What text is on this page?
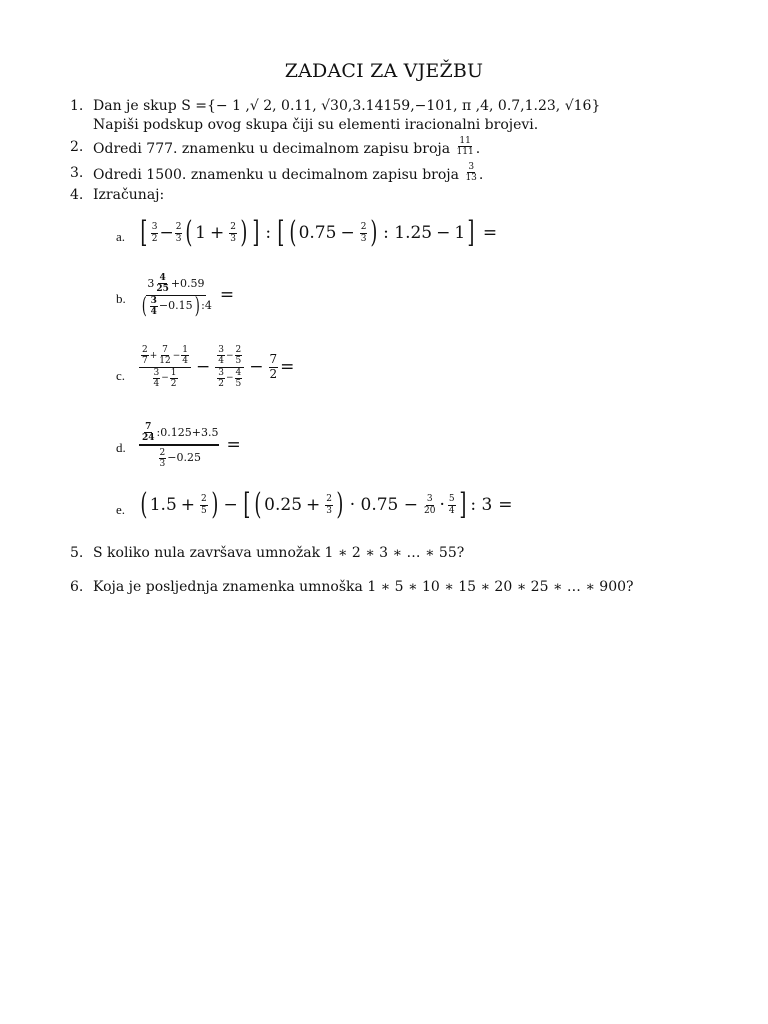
ZADACI ZA VJEŽBU
1. Dan je skup S ={− 1 ,√ 2, 0.11, √30,3.14159,−101, π ,4, 0.7,1.23, √16}
Napiši podskup ovog skupa čiji su elementi iracionalni brojevi.
2. Odredi 777. znamenku u decimalnom zapisu broja $\frac{11}{111}$ .
3. Odredi 1500. znamenku u decimalnom zapisu broja $\frac{3}{13}$ .
4. Izračunaj:
a. [ $\frac{3}{2} - \frac{2}{3}$ ( $1 + \frac{2}{3}$ ) ] : [ ( $0.75 - \frac{2}{3}$ ) : 1.25 − 1 ] =
b. $\frac{3 \frac{4}{25} +0.59}{( \frac{3}{4} -0.15 ) :4}$ =
c. $\frac{\frac{2}{7} + \frac{7}{12} - \frac{1}{4}}{\frac{3}{4} - \frac{1}{2}} - \frac{\frac{3}{4} - \frac{2}{5}}{\frac{3}{2} - \frac{4}{5}} - \frac{7}{2}$ =
d. $\frac{\frac{7}{24} :0.125+3.5}{\frac{2}{3} -0.25}$ =
e. ( $1.5 + \frac{2}{5}$ ) − [ ( $0.25 + \frac{2}{3}$ ) · $0.75 - \frac{3}{20} \cdot \frac{5}{4}$ ] : 3 =
5. S koliko nula završava umnožak 1 ∗ 2 ∗ 3 ∗ … ∗ 55?
6. Koja je posljednja znamenka umnoška 1 ∗ 5 ∗ 10 ∗ 15 ∗ 20 ∗ 25 ∗ … ∗ 900?
